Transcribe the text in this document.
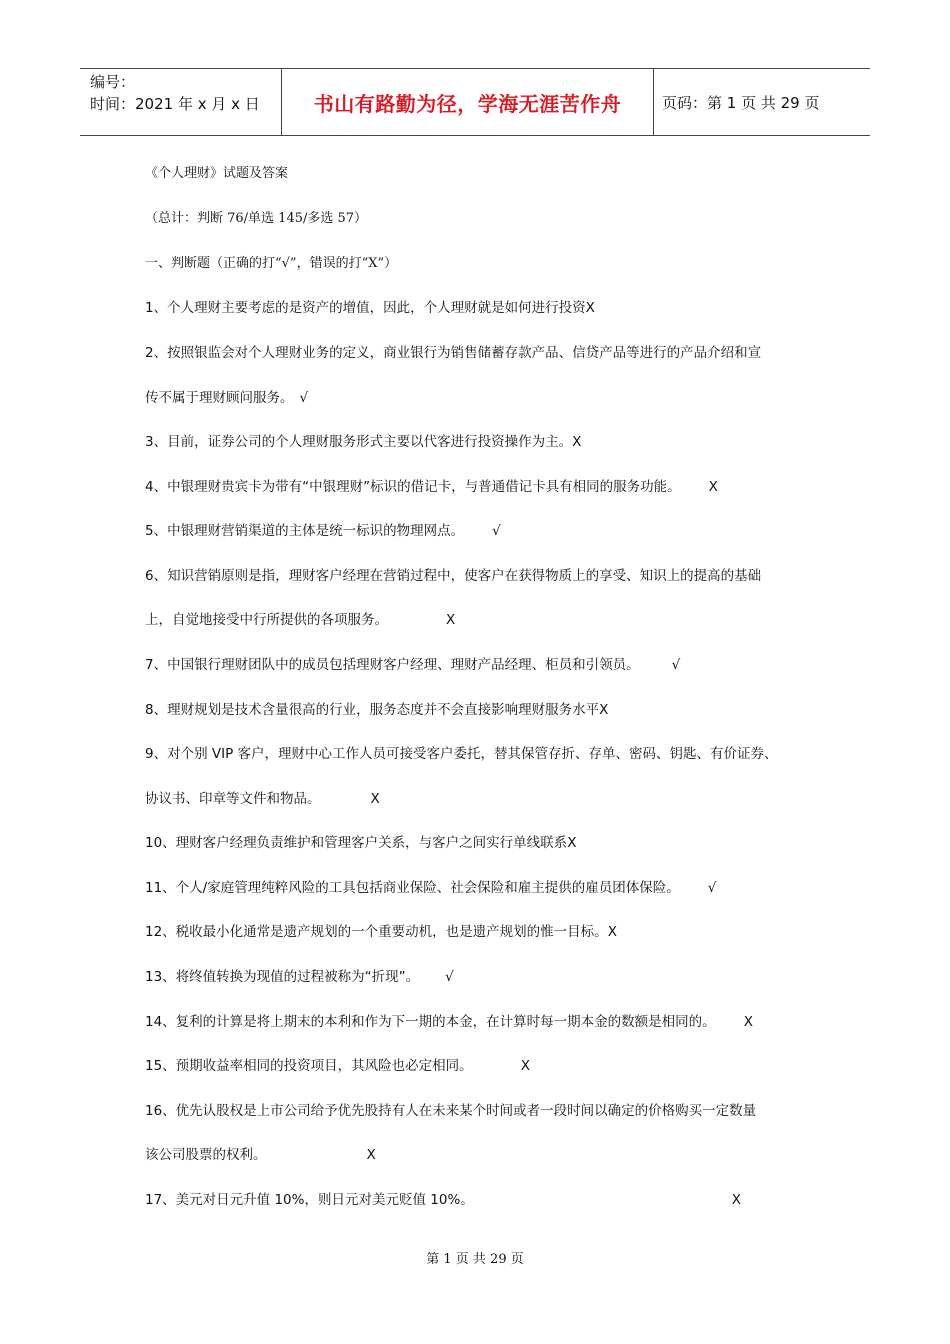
编号：
时间：2021 年 x 月 x 日	书山有路勤为径，学海无涯苦作舟	页码：第 1 页 共 29 页
《个人理财》试题及答案
（总计：判断 76/单选 145/多选 57）
一、判断题（正确的打“√”，错误的打“X”）
1、个人理财主要考虑的是资产的增值，因此，个人理财就是如何进行投资X
2、按照银监会对个人理财业务的定义，商业银行为销售储蓄存款产品、信贷产品等进行的产品介绍和宣
传不属于理财顾问服务。 √
3、目前，证券公司的个人理财服务形式主要以代客进行投资操作为主。X
4、中银理财贵宾卡为带有“中银理财”标识的借记卡，与普通借记卡具有相同的服务功能。 X
5、中银理财营销渠道的主体是统一标识的物理网点。 √
6、知识营销原则是指，理财客户经理在营销过程中，使客户在获得物质上的享受、知识上的提高的基础
上，自觉地接受中行所提供的各项服务。	X
7、中国银行理财团队中的成员包括理财客户经理、理财产品经理、柜员和引领员。 √
8、理财规划是技术含量很高的行业，服务态度并不会直接影响理财服务水平X
9、对个别 VIP 客户，理财中心工作人员可接受客户委托，替其保管存折、存单、密码、钥匙、有价证券、
协议书、印章等文件和物品。	X
10、理财客户经理负责维护和管理客户关系，与客户之间实行单线联系X
11、个人/家庭管理纯粹风险的工具包括商业保险、社会保险和雇主提供的雇员团体保险。 √
12、税收最小化通常是遗产规划的一个重要动机，也是遗产规划的惟一目标。X
13、将终值转换为现值的过程被称为“折现”。 √
14、复利的计算是将上期末的本利和作为下一期的本金，在计算时每一期本金的数额是相同的。 X
15、预期收益率相同的投资项目，其风险也必定相同。	X
16、优先认股权是上市公司给予优先股持有人在未来某个时间或者一段时间以确定的价格购买一定数量
该公司股票的权利。	X
17、美元对日元升值 10%，则日元对美元贬值 10%。	X
第 1 页 共 29 页
